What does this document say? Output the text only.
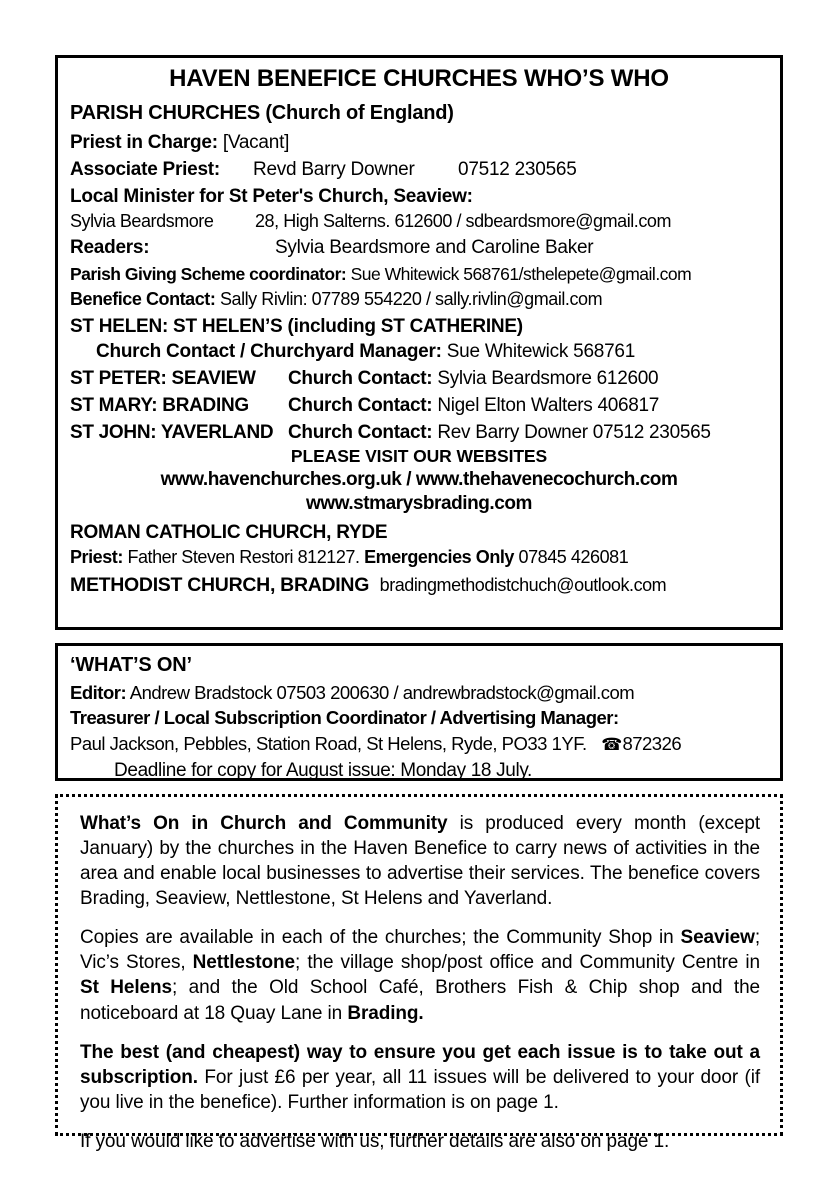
HAVEN BENEFICE CHURCHES WHO’S WHO
PARISH CHURCHES (Church of England)
Priest in Charge: [Vacant]
Associate Priest:	Revd Barry Downer	07512 230565
Local Minister for St Peter's Church, Seaview:
Sylvia Beardsmore	28, High Salterns. 612600 / sdbeardsmore@gmail.com
Readers:	Sylvia Beardsmore and Caroline Baker
Parish Giving Scheme coordinator: Sue Whitewick 568761/sthelepete@gmail.com
Benefice Contact: Sally Rivlin: 07789 554220 / sally.rivlin@gmail.com
ST HELEN: ST HELEN’S (including ST CATHERINE)
Church Contact / Churchyard Manager: Sue Whitewick 568761
ST PETER: SEAVIEW	Church Contact: Sylvia Beardsmore 612600
ST MARY: BRADING	Church Contact: Nigel Elton Walters 406817
ST JOHN: YAVERLAND Church Contact: Rev Barry Downer 07512 230565
PLEASE VISIT OUR WEBSITES
www.havenchurches.org.uk / www.thehavenecochurch.com
www.stmarysbrading.com
ROMAN CATHOLIC CHURCH, RYDE
Priest: Father Steven Restori 812127. Emergencies Only 07845 426081
METHODIST CHURCH, BRADING bradingmethodistchuch@outlook.com
‘WHAT’S ON’
Editor: Andrew Bradstock 07503 200630 / andrewbradstock@gmail.com
Treasurer / Local Subscription Coordinator / Advertising Manager:
Paul Jackson, Pebbles, Station Road, St Helens, Ryde, PO33 1YF. ☎872326
Deadline for copy for August issue: Monday 18 July.

What’s On in Church and Community is produced every month (except January) by the churches in the Haven Benefice to carry news of activities in the area and enable local businesses to advertise their services. The benefice covers Brading, Seaview, Nettlestone, St Helens and Yaverland.

Copies are available in each of the churches; the Community Shop in Seaview; Vic’s Stores, Nettlestone; the village shop/post office and Community Centre in St Helens; and the Old School Café, Brothers Fish & Chip shop and the noticeboard at 18 Quay Lane in Brading.

The best (and cheapest) way to ensure you get each issue is to take out a subscription. For just £6 per year, all 11 issues will be delivered to your door (if you live in the benefice). Further information is on page 1.

If you would like to advertise with us, further details are also on page 1.
